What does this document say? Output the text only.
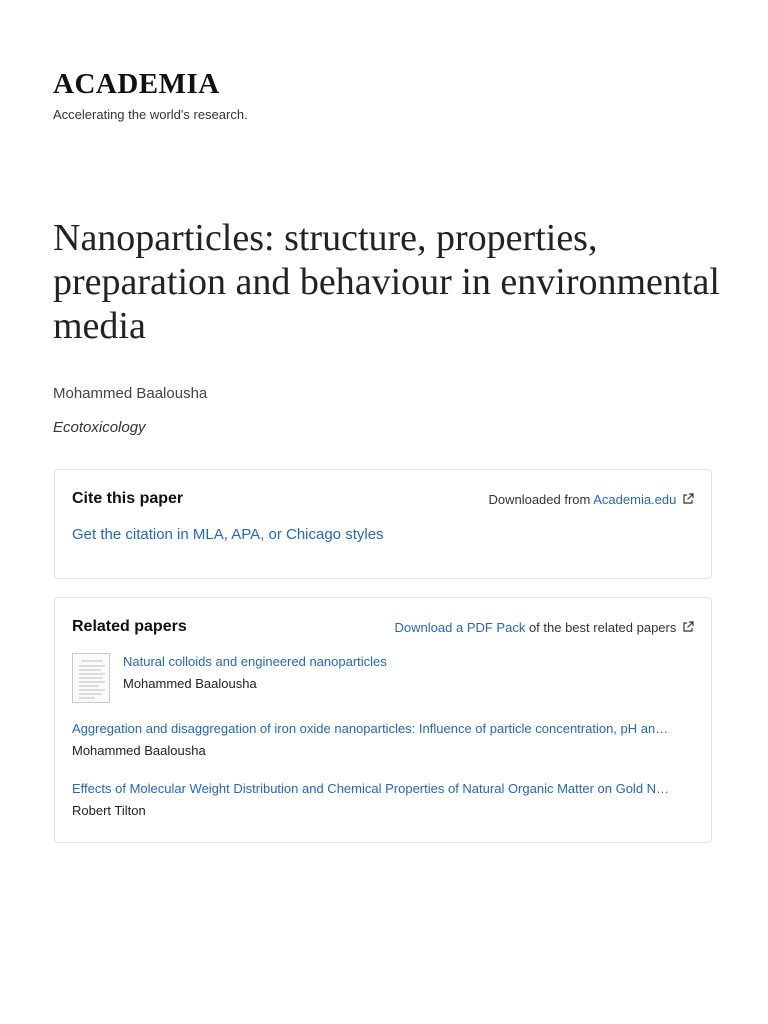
ACADEMIA
Accelerating the world's research.
Nanoparticles: structure, properties, preparation and behaviour in environmental media
Mohammed Baalousha
Ecotoxicology
Cite this paper	Downloaded from Academia.edu
Get the citation in MLA, APA, or Chicago styles
Related papers	Download a PDF Pack of the best related papers
Natural colloids and engineered nanoparticles
Mohammed Baalousha
Aggregation and disaggregation of iron oxide nanoparticles: Influence of particle concentration, pH an…
Mohammed Baalousha
Effects of Molecular Weight Distribution and Chemical Properties of Natural Organic Matter on Gold N…
Robert Tilton
